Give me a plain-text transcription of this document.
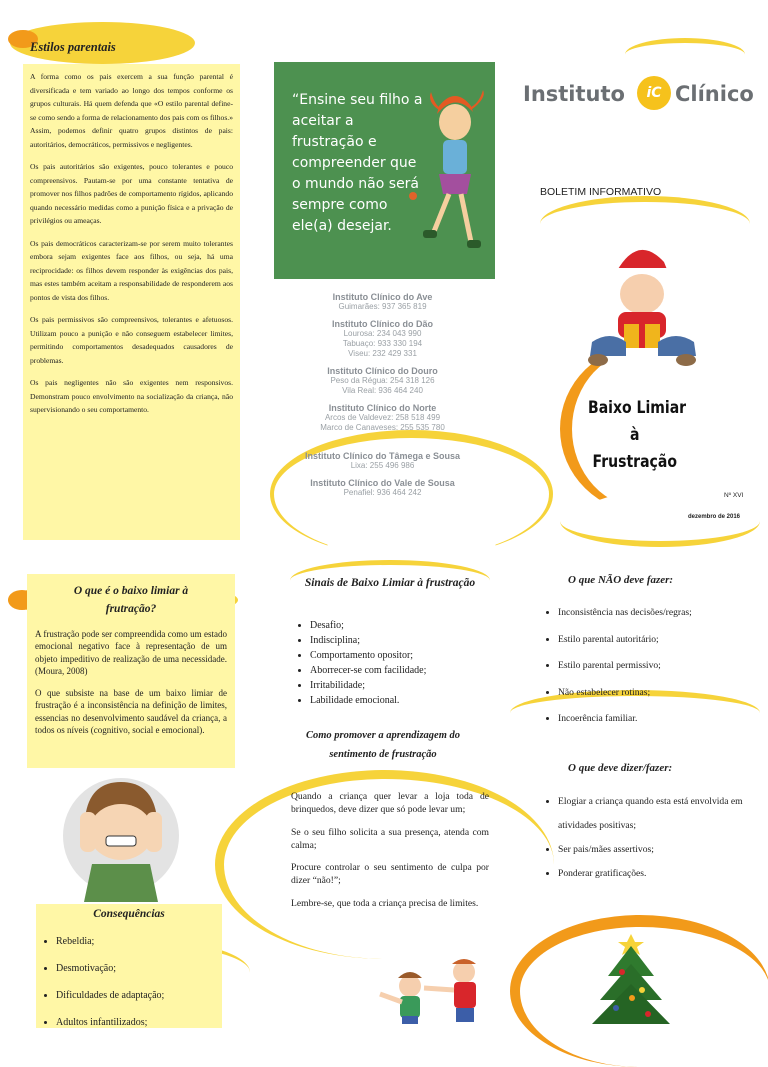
Estilos parentais

A forma como os pais exercem a sua função parental é diversificada e tem variado ao longo dos tempos conforme os grupos culturais. Há quem defenda que «O estilo parental define-se como sendo a forma de relacionamento dos pais com os filhos.» Assim, podemos definir quatro grupos distintos de pais: autoritários, democráticos, permissivos e negligentes.

Os pais autoritários são exigentes, pouco tolerantes e pouco compreensivos. Pautam-se por uma constante tentativa de promover nos filhos padrões de comportamento rígidos, aplicando quando necessário medidas como a punição física e a privação de privilégios ou ameaças.

Os pais democráticos caracterizam-se por serem muito tolerantes embora sejam exigentes face aos filhos, ou seja, há uma reciprocidade: os filhos devem responder às exigências dos pais, mas estes também aceitam a responsabilidade de responderem aos pontos de vista dos filhos.

Os pais permissivos são compreensivos, tolerantes e afetuosos. Utilizam pouco a punição e não conseguem estabelecer limites, permitindo comportamentos desadequados causadores de problemas.

Os pais negligentes não são exigentes nem responsivos. Demonstram pouco envolvimento na socialização da criança, não supervisionando o seu comportamento.

“Ensine seu filho a aceitar a frustração e compreender que o mundo não será sempre como ele(a) desejar.
Instituto Clínico do Ave
Guimarães: 937 365 819
Instituto Clínico do Dão
Lourosa: 234 043 990
Tabuaço: 933 330 194
Viseu: 232 429 331
Instituto Clínico do Douro
Peso da Régua: 254 318 126
Vila Real: 936 464 240
Instituto Clínico do Norte
Arcos de Valdevez: 258 518 499
Marco de Canaveses: 255 535 780
Instituto Clínico do Tâmega e Sousa
Lixa: 255 496 986
Instituto Clínico do Vale de Sousa
Penafiel: 936 464 242
Instituto	iC Clínico
BOLETIM INFORMATIVO
Baixo Limiar
à
Frustração
Nº XVI
dezembro de 2016
O que é o baixo limiar à frutração?

A frustração pode ser compreendida como um estado emocional negativo face à representação de um objeto impeditivo de realização de uma necessidade. (Moura, 2008)

O que subsiste na base de um baixo limiar de frustração é a inconsistência na definição de limites, essencias no desenvolvimento saudável da criança, a todos os níveis (cognitivo, social e emocional).

Consequências
• Rebeldia;
• Desmotivação;
• Dificuldades de adaptação;
• Adultos infantilizados;
Sinais de Baixo Limiar à frustração
• Desafio;
• Indisciplina;
• Comportamento opositor;
• Aborrecer-se com facilidade;
• Irritabilidade;
• Labilidade emocional.
Como promover a aprendizagem do sentimento de frustração

Quando a criança quer levar a loja toda de brinquedos, deve dizer que só pode levar um;

Se o seu filho solicita a sua presença, atenda com calma;

Procure controlar o seu sentimento de culpa por dizer “não!”;

Lembre-se, que toda a criança precisa de limites.

O que NÃO deve fazer:
• Inconsistência nas decisões/regras;
• Estilo parental autoritário;
• Estilo parental permissivo;
• Não estabelecer rotinas;
• Incoerência familiar.
O que deve dizer/fazer:
• Elogiar a criança quando esta está envolvida em atividades positivas;
• Ser pais/mães assertivos;
• Ponderar gratificações.
